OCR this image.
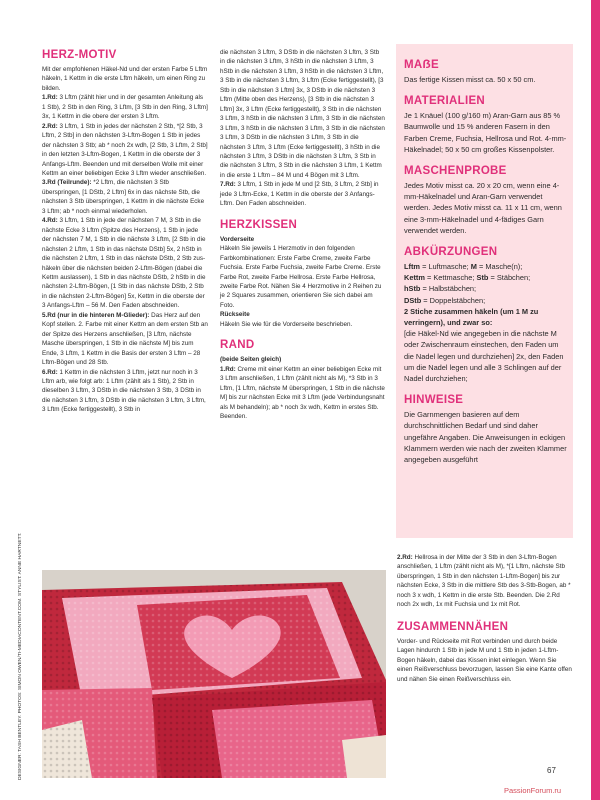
HERZ-MOTIV

Mit der empfohlenen Häkel-Nd und der ersten Farbe 5 Lftm häkeln, 1 Kettm in die erste Lftm häkeln, um einen Ring zu bilden.

1.Rd: 3 Lftm (zählt hier und in der gesamten Anleitung als 1 Stb), 2 Stb in den Ring, 3 Lftm, [3 Stb in den Ring, 3 Lftm] 3x, 1 Kettm in die obere der ersten 3 Lftm.

2.Rd: 3 Lftm, 1 Stb in jedes der nächsten 2 Stb, *[2 Stb, 3 Lftm, 2 Stb] in den nächsten 3-Lftm-Bogen 1 Stb in jedes der nächsten 3 Stb; ab * noch 2x wdh, [2 Stb, 3 Lftm, 2 Stb] in den letzten 3-Lftm-Bogen, 1 Kettm in die oberste der 3 Anfangs-Lftm. Beenden und mit derselben Wolle mit einer Kettm an einer beliebigen Ecke 3 Lftm wieder anschließen.

3.Rd (Teilrunde): *2 Lftm, die nächsten 3 Stb überspringen, [1 DStb, 2 Lftm] 6x in das nächste Stb, die nächsten 3 Stb überspringen, 1 Kettm in die nächste Ecke 3 Lftm; ab * noch einmal wiederholen.

4.Rd: 3 Lftm, 1 Stb in jede der nächsten 7 M, 3 Stb in die nächste Ecke 3 Lftm (Spitze des Herzens), 1 Stb in jede der nächsten 7 M, 1 Stb in die nächste 3 Lftm, [2 Stb in die nächsten 2 Lftm, 1 Stb in das nächste DStb] 5x, 2 hStb in die nächsten 2 Lftm, 1 Stb in das nächste DStb, 2 Stb zus-häkeln über die nächsten beiden 2-Lftm-Bögen (dabei die Kettm auslassen), 1 Stb in das nächste DStb, 2 hStb in die nächsten 2-Lftm-Bögen, [1 Stb in das nächste DStb, 2 Stb in die nächsten 2-Lftm-Bögen] 5x, Kettm in die oberste der 3 Anfangs-Lftm – 56 M. Den Faden abschneiden.

5.Rd (nur in die hinteren M-Glieder): Das Herz auf den Kopf stellen. 2. Farbe mit einer Kettm an dem ersten Stb an der Spitze des Herzens anschließen, [3 Lftm, nächste Masche überspringen, 1 Stb in die nächste M] bis zum Ende, 3 Lftm, 1 Kettm in die Basis der ersten 3 Lftm – 28 Lftm-Bögen und 28 Stb.

6.Rd: 1 Kettm in die nächsten 3 Lftm, jetzt nur noch in 3 Lftm arb, wie folgt arb: 1 Lftm (zählt als 1 Stb), 2 Stb in dieselben 3 Lftm, 3 DStb in die nächsten 3 Stb, 3 DStb in die nächsten 3 Lftm, 3 DStb in die nächsten 3 Lftm, 3 Lftm, 3 Lftm (Ecke fertiggestellt), 3 Stb in

die nächsten 3 Lftm, 3 DStb in die nächsten 3 Lftm, 3 Stb in die nächsten 3 Lftm, 3 hStb in die nächsten 3 Lftm, 3 hStb in die nächsten 3 Lftm, 3 hStb in die nächsten 3 Lftm, 3 Stb in die nächsten 3 Lftm, 3 Lftm (Ecke fertiggestellt), [3 Stb in die nächsten 3 Lftm] 3x, 3 DStb in die nächsten 3 Lftm (Mitte oben des Herzens), [3 Stb in die nächsten 3 Lftm] 3x, 3 Lftm (Ecke fertiggestellt), 3 Stb in die nächsten 3 Lftm, 3 hStb in die nächsten 3 Lftm, 3 Stb in die nächsten 3 Lftm, 3 hStb in die nächsten 3 Lftm, 3 Stb in die nächsten 3 Lftm, 3 DStb in die nächsten 3 Lftm, 3 Stb in die nächsten 3 Lftm, 3 Lftm (Ecke fertiggestellt), 3 hStb in die nächsten 3 Lftm, 3 DStb in die nächsten 3 Lftm, 3 Stb in die nächsten 3 Lftm, 3 Stb in die nächsten 3 Lftm, 1 Kettm in die erste 1 Lftm – 84 M und 4 Bögen mit 3 Lftm.

7.Rd: 3 Lftm, 1 Stb in jede M und [2 Stb, 3 Lftm, 2 Stb] in jede 3 Lftm-Ecke, 1 Kettm in die oberste der 3 Anfangs-Lftm. Den Faden abschneiden.

HERZKISSEN

Vorderseite

Häkeln Sie jeweils 1 Herzmotiv in den folgenden Farbkombinationen: Erste Farbe Creme, zweite Farbe Fuchsia. Erste Farbe Fuchsia, zweite Farbe Creme. Erste Farbe Rot, zweite Farbe Hellrosa. Erste Farbe Hellrosa, zweite Farbe Rot. Nähen Sie 4 Herzmotive in 2 Reihen zu je 2 Squares zusammen, orientieren Sie sich dabei am Foto.

Rückseite

Häkeln Sie wie für die Vorderseite beschrieben.

RAND

(beide Seiten gleich)

1.Rd: Creme mit einer Kettm an einer beliebigen Ecke mit 3 Lftm anschließen, 1 Lftm (zählt nicht als M), *3 Stb in 3 Lftm, [1 Lftm, nächste M überspringen, 1 Stb in die nächste M] bis zur nächsten Ecke mit 3 Lftm (jede Verbindungsnaht als M behandeln); ab * noch 3x wdh, Kettm in erstes Stb. Beenden.

MAẞE

Das fertige Kissen misst ca. 50 x 50 cm.

MATERIALIEN

Je 1 Knäuel (100 g/160 m) Aran-Garn aus 85 % Baumwolle und 15 % anderen Fasern in den Farben Creme, Fuchsia, Hellrosa und Rot. 4-mm-Häkelnadel; 50 x 50 cm großes Kissenpolster.

MASCHENPROBE

Jedes Motiv misst ca. 20 x 20 cm, wenn eine 4-mm-Häkelnadel und Aran-Garn verwendet werden. Jedes Motiv misst ca. 11 x 11 cm, wenn eine 3-mm-Häkelnadel und 4-fädiges Garn verwendet werden.

ABKÜRZUNGEN

Lftm = Luftmasche; M = Masche(n);

Kettm = Kettmasche; Stb = Stäbchen;

hStb = Halbstäbchen;

DStb = Doppelstäbchen;

2 Stiche zusammen häkeln (um 1 M zu verringern), und zwar so:

[die Häkel-Nd wie angegeben in die nächste M oder Zwischenraum einstechen, den Faden um die Nadel legen und durchziehen] 2x, den Faden um die Nadel legen und alle 3 Schlingen auf der Nadel durchziehen;

HINWEISE

Die Garnmengen basieren auf dem durchschnittlichen Bedarf und sind daher ungefähre Angaben. Die Anweisungen in eckigen Klammern werden wie nach der zweiten Klammer angegeben ausgeführt

2.Rd: Hellrosa in der Mitte der 3 Stb in den 3-Lftm-Bogen anschließen, 1 Lftm (zählt nicht als M), *[1 Lftm, nächste Stb überspringen, 1 Stb in den nächsten 1-Lftm-Bogen] bis zur nächsten Ecke, 3 Stb in die mittlere Stb des 3-Stb-Bogen, ab * noch 3 x wdh, 1 Kettm in die erste Stb. Beenden. Die 2.Rd noch 2x wdh, 1x mit Fuchsia und 1x mit Rot.

ZUSAMMENNÄHEN

Vorder- und Rückseite mit Rot verbinden und durch beide Lagen hindurch 1 Stb in jede M und 1 Stb in jeden 1-Lftm-Bogen häkeln, dabei das Kissen inlet einlegen. Wenn Sie einen Reißverschluss bevorzugen, lassen Sie eine Kante offen und nähen Sie einen Reißverschluss ein.

DESIGNER: TASH BENTLEY. PHOTOS: SIMON OWEN/TI-MEDIACONTENT.COM. STYLIST: ANNE HARTNETT.	67
PassionForum.ru
